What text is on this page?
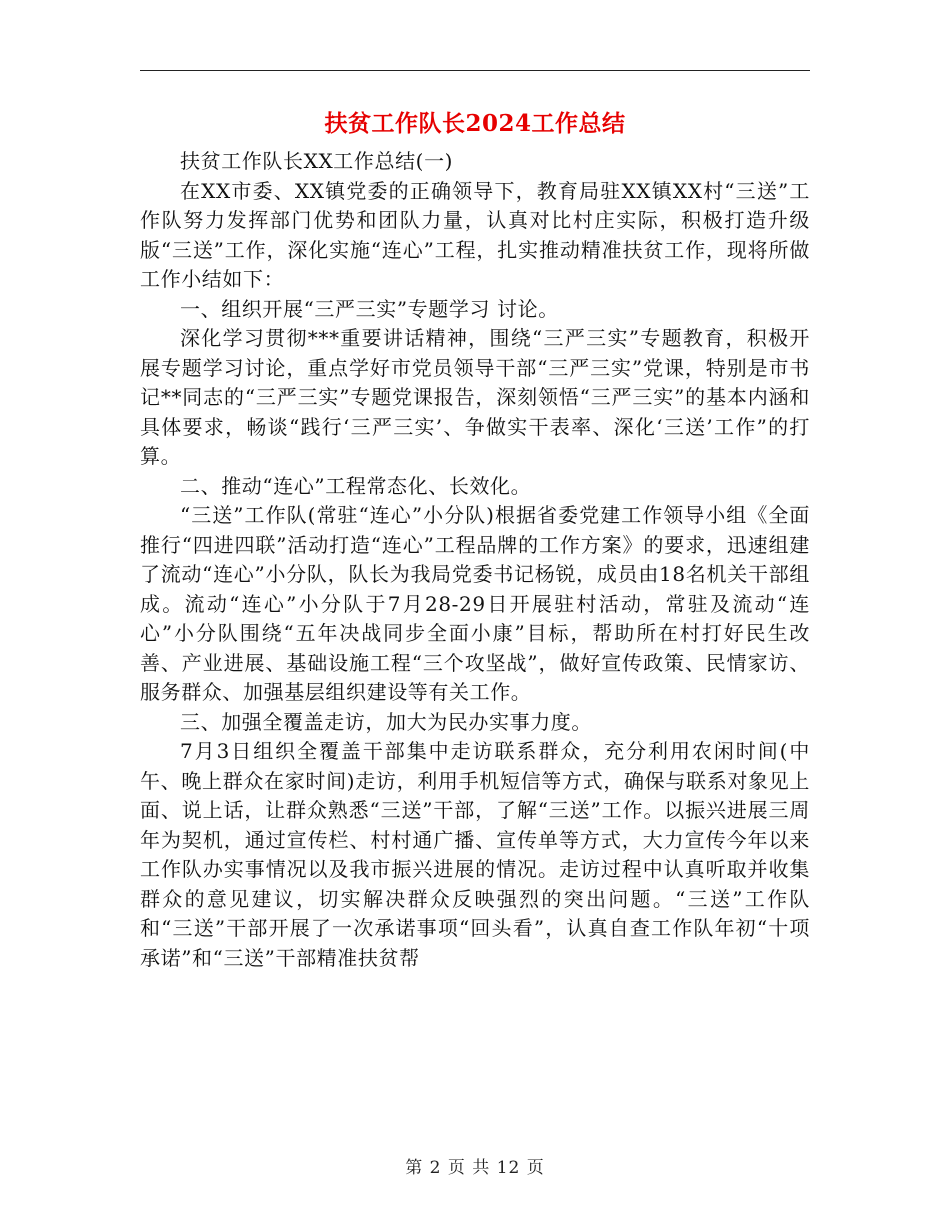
扶贫工作队长2024工作总结

扶贫工作队长XX工作总结(一)

在XX市委、XX镇党委的正确领导下，教育局驻XX镇XX村“三送”工作队努力发挥部门优势和团队力量，认真对比村庄实际，积极打造升级版“三送”工作，深化实施“连心”工程，扎实推动精准扶贫工作，现将所做工作小结如下：

一、组织开展“三严三实”专题学习 讨论。

深化学习贯彻***重要讲话精神，围绕“三严三实”专题教育，积极开展专题学习讨论，重点学好市党员领导干部“三严三实”党课，特别是市书记**同志的“三严三实”专题党课报告，深刻领悟“三严三实”的基本内涵和具体要求，畅谈“践行‘三严三实’、争做实干表率、深化‘三送’工作”的打算。

二、推动“连心”工程常态化、长效化。

“三送”工作队(常驻“连心”小分队)根据省委党建工作领导小组《全面推行“四进四联”活动打造“连心”工程品牌的工作方案》的要求，迅速组建了流动“连心”小分队，队长为我局党委书记杨锐，成员由18名机关干部组成。流动“连心”小分队于7月28-29日开展驻村活动，常驻及流动“连心”小分队围绕“五年决战同步全面小康”目标，帮助所在村打好民生改善、产业进展、基础设施工程“三个攻坚战”，做好宣传政策、民情家访、服务群众、加强基层组织建设等有关工作。

三、加强全覆盖走访，加大为民办实事力度。

7月3日组织全覆盖干部集中走访联系群众，充分利用农闲时间(中午、晚上群众在家时间)走访，利用手机短信等方式，确保与联系对象见上面、说上话，让群众熟悉“三送”干部，了解“三送”工作。以振兴进展三周年为契机，通过宣传栏、村村通广播、宣传单等方式，大力宣传今年以来工作队办实事情况以及我市振兴进展的情况。走访过程中认真听取并收集群众的意见建议，切实解决群众反映强烈的突出问题。“三送”工作队和“三送”干部开展了一次承诺事项“回头看”，认真自查工作队年初“十项承诺”和“三送”干部精准扶贫帮

第 2 页 共 12 页
